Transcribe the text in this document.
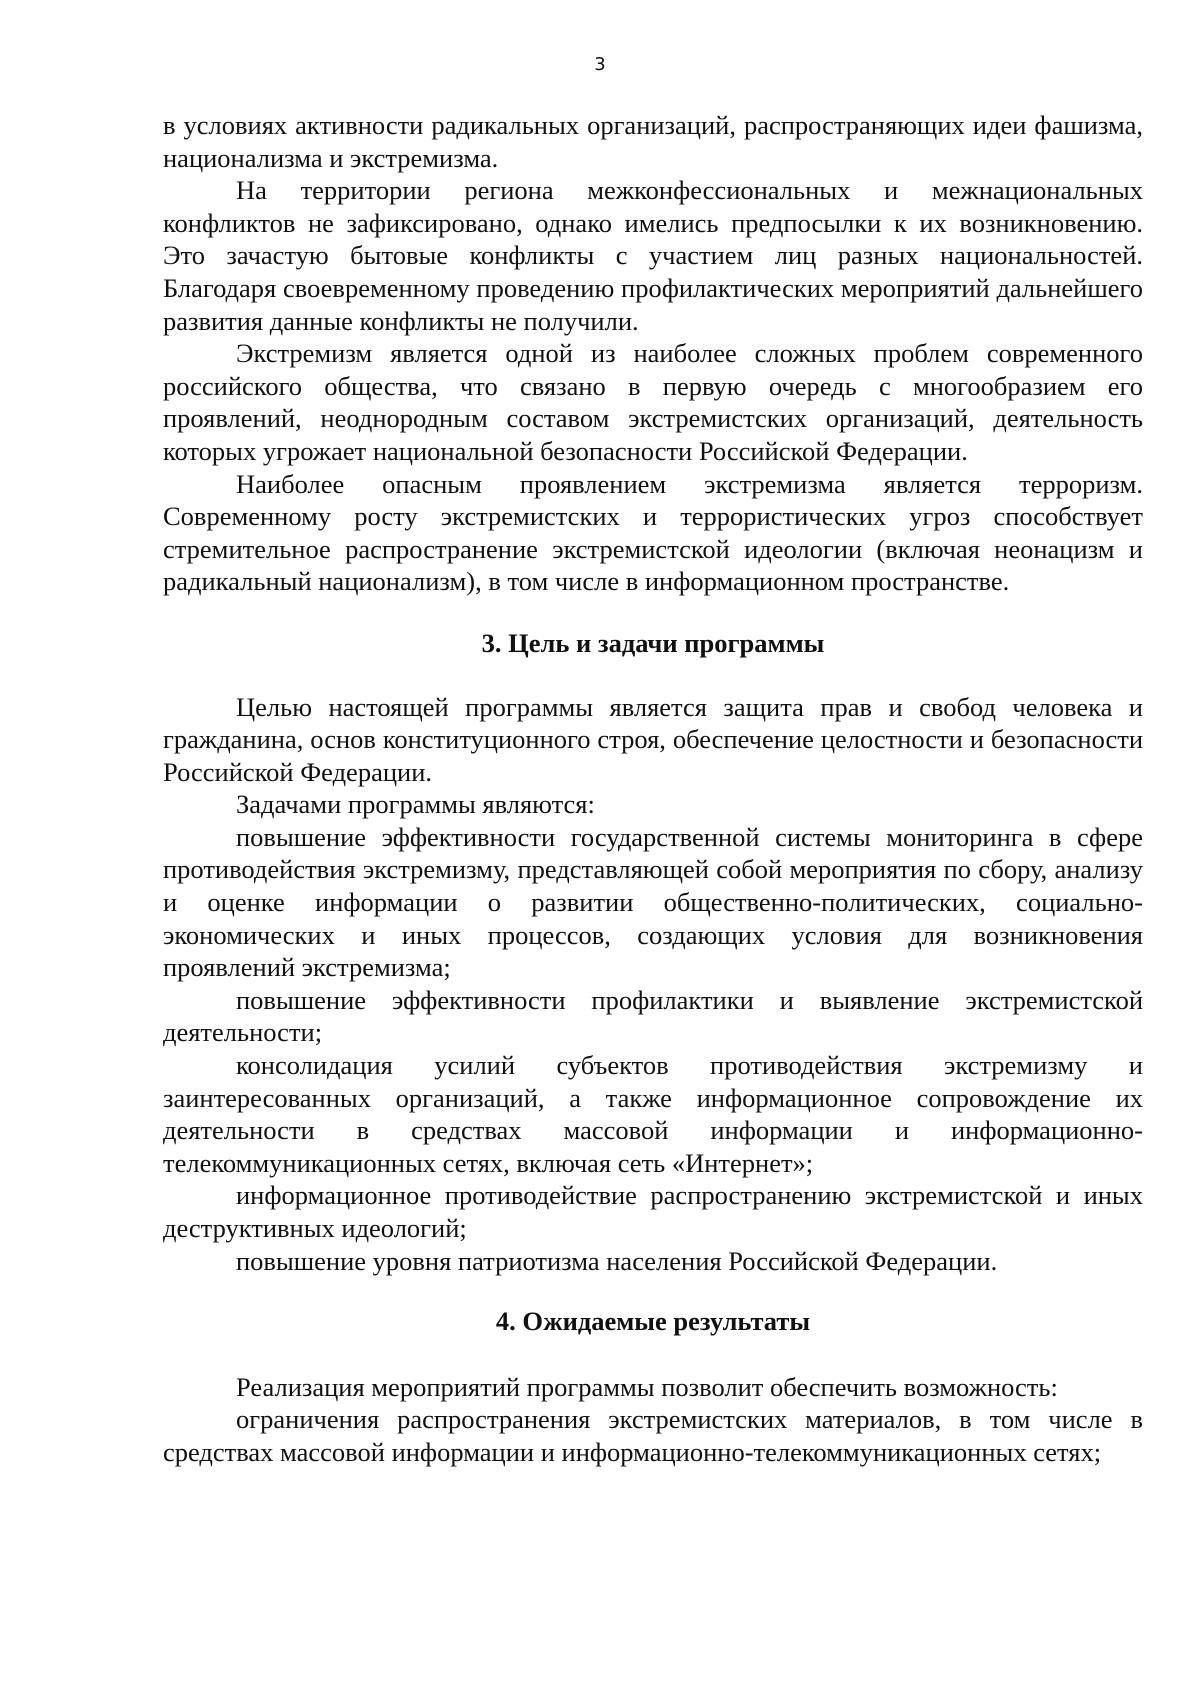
3

в условиях активности радикальных организаций, распространяющих идеи фашизма, национализма и экстремизма.

На территории региона межконфессиональных и межнациональных конфликтов не зафиксировано, однако имелись предпосылки к их возникновению. Это зачастую бытовые конфликты с участием лиц разных национальностей. Благодаря своевременному проведению профилактических мероприятий дальнейшего развития данные конфликты не получили.

Экстремизм является одной из наиболее сложных проблем современного российского общества, что связано в первую очередь с многообразием его проявлений, неоднородным составом экстремистских организаций, деятельность которых угрожает национальной безопасности Российской Федерации.

Наиболее опасным проявлением экстремизма является терроризм. Современному росту экстремистских и террористических угроз способствует стремительное распространение экстремистской идеологии (включая неонацизм и радикальный национализм), в том числе в информационном пространстве.

3. Цель и задачи программы

Целью настоящей программы является защита прав и свобод человека и гражданина, основ конституционного строя, обеспечение целостности и безопасности Российской Федерации.

Задачами программы являются:

повышение эффективности государственной системы мониторинга в сфере противодействия экстремизму, представляющей собой мероприятия по сбору, анализу и оценке информации о развитии общественно-политических, социально-экономических и иных процессов, создающих условия для возникновения проявлений экстремизма;

повышение эффективности профилактики и выявление экстремистской деятельности;

консолидация усилий субъектов противодействия экстремизму и заинтересованных организаций, а также информационное сопровождение их деятельности в средствах массовой информации и информационно-телекоммуникационных сетях, включая сеть «Интернет»;

информационное противодействие распространению экстремистской и иных деструктивных идеологий;

повышение уровня патриотизма населения Российской Федерации.

4. Ожидаемые результаты

Реализация мероприятий программы позволит обеспечить возможность:

ограничения распространения экстремистских материалов, в том числе в средствах массовой информации и информационно-телекоммуникационных сетях;
